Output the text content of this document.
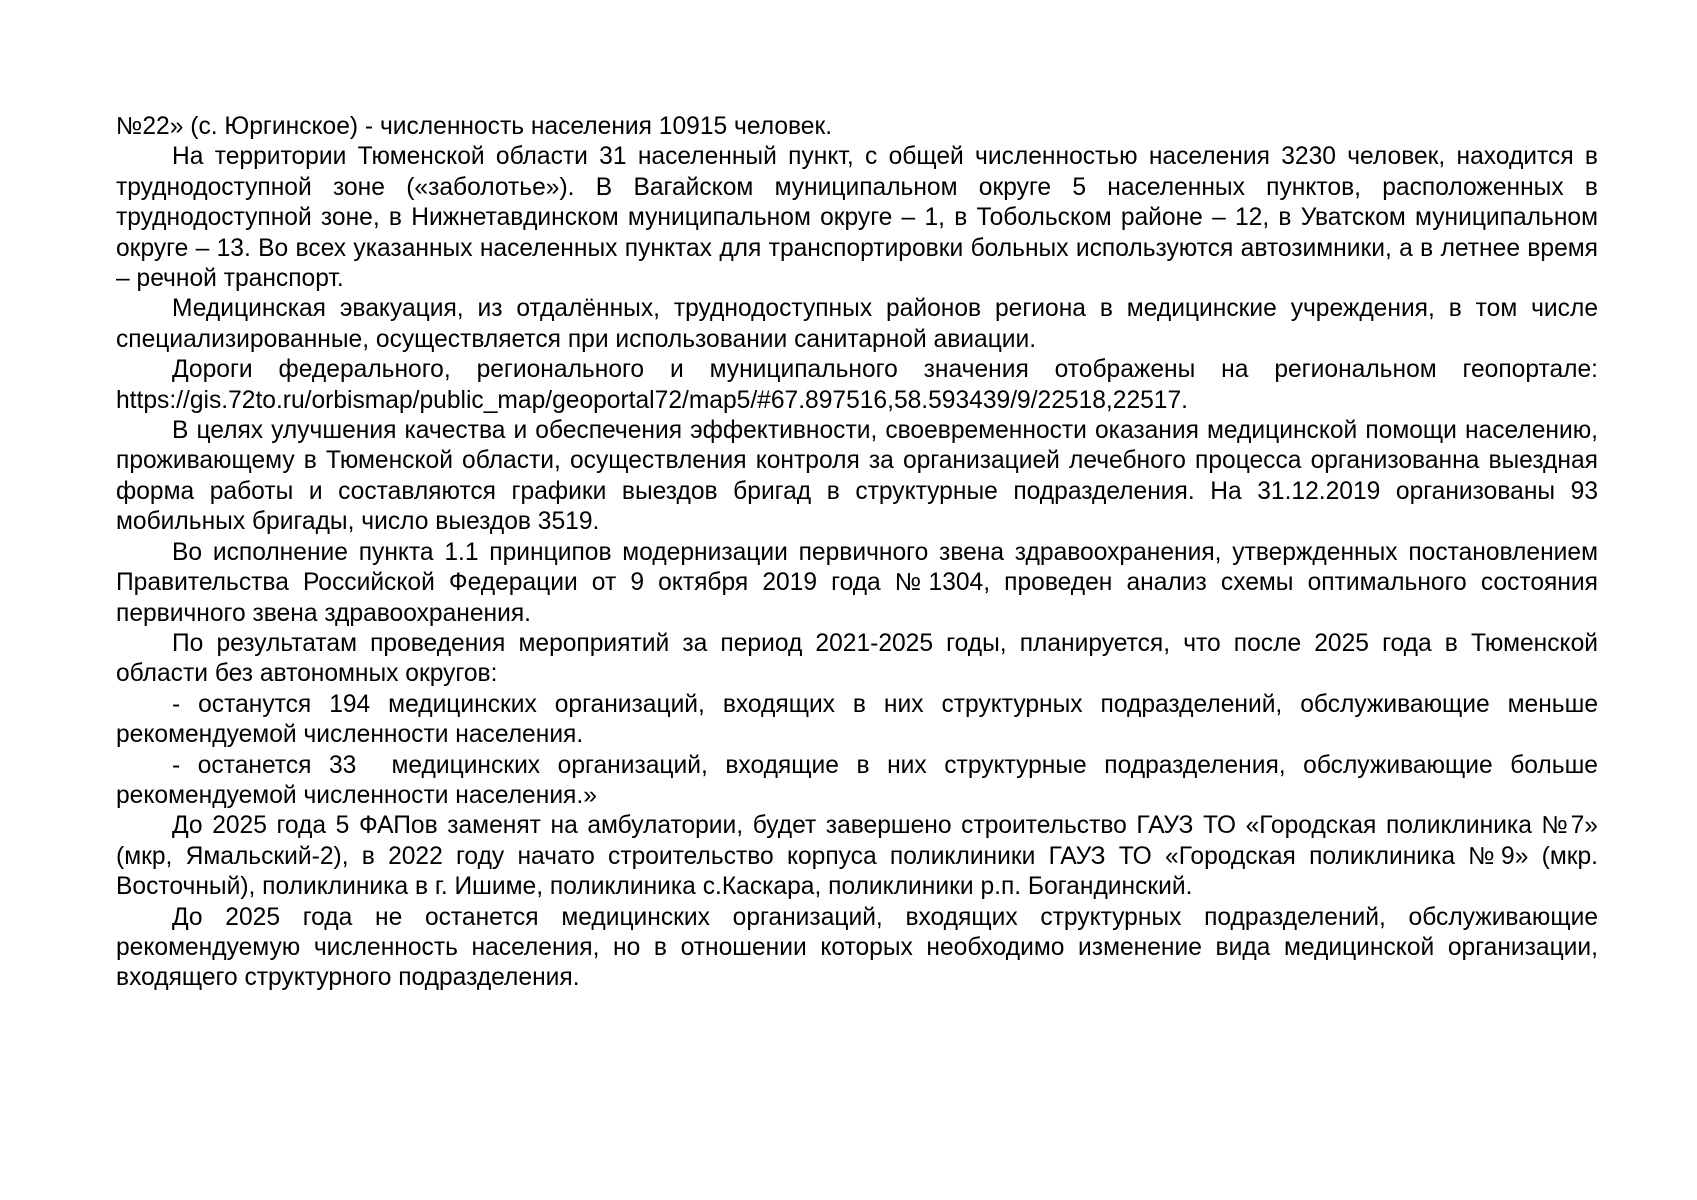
№22» (с. Юргинское) - численность населения 10915 человек.

На территории Тюменской области 31 населенный пункт, с общей численностью населения 3230 человек, находится в труднодоступной зоне («заболотье»). В Вагайском муниципальном округе 5 населенных пунктов, расположенных в труднодоступной зоне, в Нижнетавдинском муниципальном округе – 1, в Тобольском районе – 12, в Уватском муниципальном округе – 13. Во всех указанных населенных пунктах для транспортировки больных используются автозимники, а в летнее время – речной транспорт.

Медицинская эвакуация, из отдалённых, труднодоступных районов региона в медицинские учреждения, в том числе специализированные, осуществляется при использовании санитарной авиации.

Дороги федерального, регионального и муниципального значения отображены на региональном геопортале: https://gis.72to.ru/orbismap/public_map/geoportal72/map5/#67.897516,58.593439/9/22518,22517.

В целях улучшения качества и обеспечения эффективности, своевременности оказания медицинской помощи населению, проживающему в Тюменской области, осуществления контроля за организацией лечебного процесса организованна выездная форма работы и составляются графики выездов бригад в структурные подразделения. На 31.12.2019 организованы 93 мобильных бригады, число выездов 3519.

Во исполнение пункта 1.1 принципов модернизации первичного звена здравоохранения, утвержденных постановлением Правительства Российской Федерации от 9 октября 2019 года №1304, проведен анализ схемы оптимального состояния первичного звена здравоохранения.

По результатам проведения мероприятий за период 2021-2025 годы, планируется, что после 2025 года в Тюменской области без автономных округов:

- останутся 194 медицинских организаций, входящих в них структурных подразделений, обслуживающие меньше рекомендуемой численности населения.

- останется 33  медицинских организаций, входящие в них структурные подразделения, обслуживающие больше рекомендуемой численности населения.»

До 2025 года 5 ФАПов заменят на амбулатории, будет завершено строительство ГАУЗ ТО «Городская поликлиника №7» (мкр, Ямальский-2), в 2022 году начато строительство корпуса поликлиники ГАУЗ ТО «Городская поликлиника №9» (мкр. Восточный), поликлиника в г. Ишиме, поликлиника с.Каскара, поликлиники р.п. Богандинский.

До 2025 года не останется медицинских организаций, входящих структурных подразделений, обслуживающие рекомендуемую численность населения, но в отношении которых необходимо изменение вида медицинской организации, входящего структурного подразделения.
